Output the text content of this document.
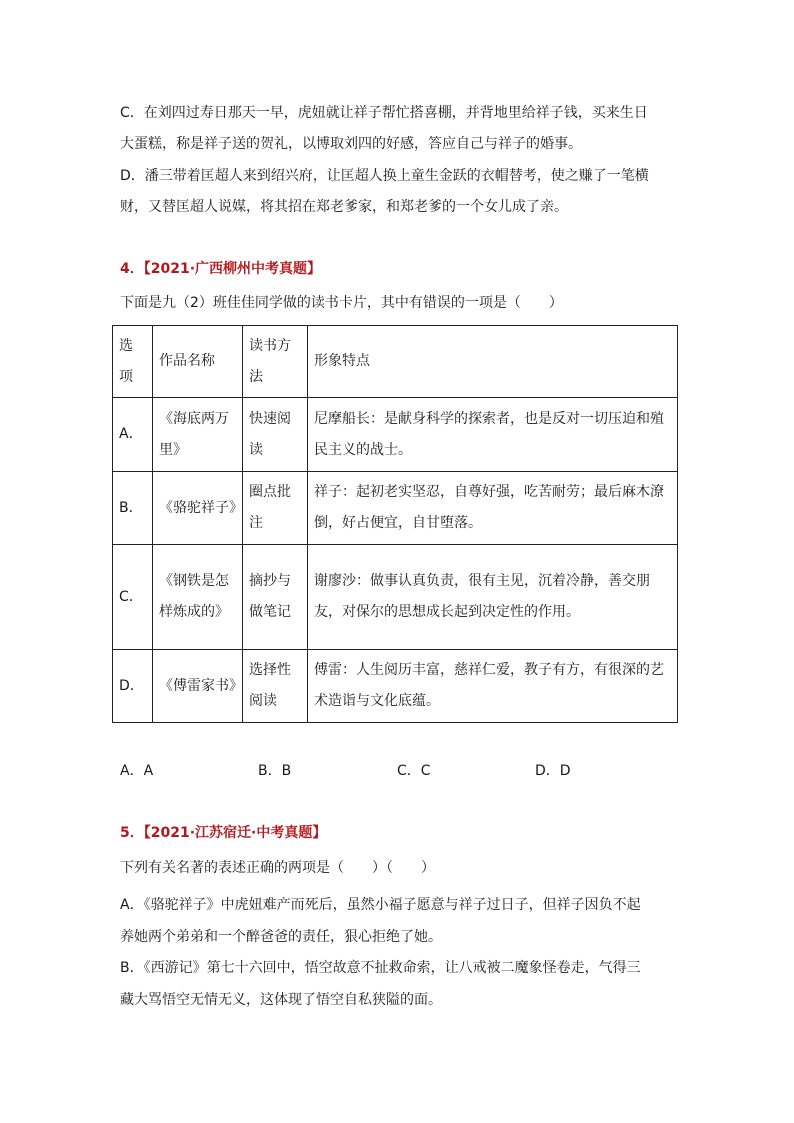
C．在刘四过寿日那天一早，虎妞就让祥子帮忙搭喜棚，并背地里给祥子钱，买来生日
大蛋糕，称是祥子送的贺礼，以博取刘四的好感，答应自己与祥子的婚事。
D．潘三带着匡超人来到绍兴府，让匡超人换上童生金跃的衣帽替考，使之赚了一笔横
财，又替匡超人说媒，将其招在郑老爹家，和郑老爹的一个女儿成了亲。
4．【2021·广西柳州中考真题】
下面是九（2）班佳佳同学做的读书卡片，其中有错误的一项是（　　）
选项	作品名称	读书方法	形象特点
A．	《海底两万里》	快速阅读	尼摩船长：是献身科学的探索者，也是反对一切压迫和殖民主义的战士。
B．	《骆驼祥子》	圈点批注	祥子：起初老实坚忍，自尊好强，吃苦耐劳；最后麻木潦倒，好占便宜，自甘堕落。
C．	《钢铁是怎样炼成的》	摘抄与做笔记	谢廖沙：做事认真负责，很有主见，沉着冷静，善交朋友，对保尔的思想成长起到决定性的作用。
D．	《傅雷家书》	选择性阅读	傅雷：人生阅历丰富，慈祥仁爱，教子有方，有很深的艺术造诣与文化底蕴。
A．A	B．B	C．C	D．D
5．【2021·江苏宿迁·中考真题】
下列有关名著的表述正确的两项是（　　）（　　）
A．《骆驼祥子》中虎妞难产而死后，虽然小福子愿意与祥子过日子，但祥子因负不起
养她两个弟弟和一个醉爸爸的责任，狠心拒绝了她。
B．《西游记》第七十六回中，悟空故意不扯救命索，让八戒被二魔象怪卷走，气得三
藏大骂悟空无情无义，这体现了悟空自私狭隘的面。
